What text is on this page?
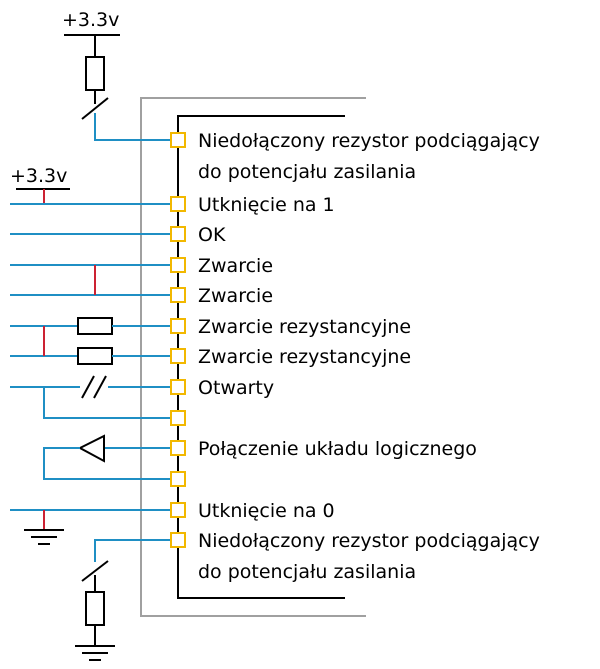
+3.3v
+3.3v
Niedołączony rezystor podciągający
do potencjału zasilania
Utknięcie na 1
OK
Zwarcie
Zwarcie
Zwarcie rezystancyjne
Zwarcie rezystancyjne
Otwarty
Połączenie układu logicznego
Utknięcie na 0
Niedołączony rezystor podciągający
do potencjału zasilania
